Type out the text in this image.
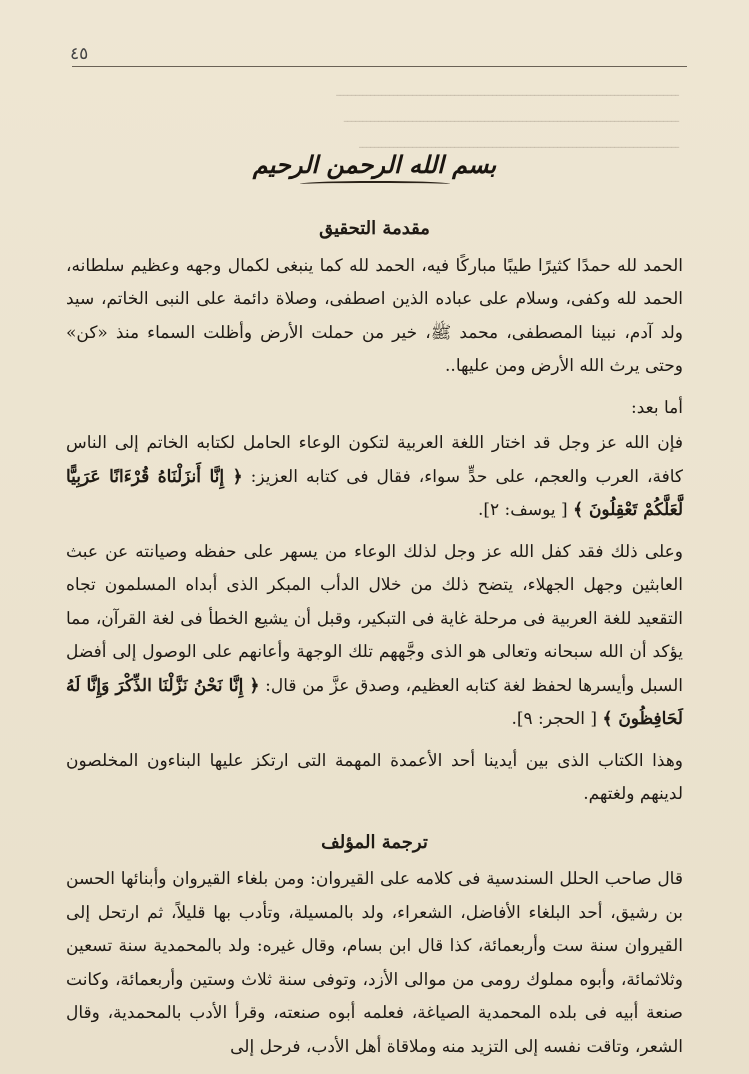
٤٥
ــــــــــــــــــــــــــــــــــــــــــــــــــــــــــــــــــــــــــــــــــــــــــ
ــــــــــــــــــــــــــــــــــــــــــــــــــــــــــــــــــــــــــــــــــــــــ
ــــــــــــــــــــــــــــــــــــــــــــــــــــــــــــــــــــــــــــــــــــ
بسم الله الرحمن الرحيم
مقدمة التحقيق

الحمد لله حمدًا كثيرًا طيبًا مباركًا فيه، الحمد لله كما ينبغى لكمال وجهه وعظيم سلطانه، الحمد لله وكفى، وسلام على عباده الذين اصطفى، وصلاة دائمة على النبى الخاتم، سيد ولد آدم، نبينا المصطفى، محمد ﷺ، خير من حملت الأرض وأظلت السماء منذ «كن» وحتى يرث الله الأرض ومن عليها..

أما بعد:

فإن الله عز وجل قد اختار اللغة العربية لتكون الوعاء الحامل لكتابه الخاتم إلى الناس كافة، العرب والعجم، على حدٍّ سواء، فقال فى كتابه العزيز: ﴿ إِنَّا أَنزَلْنَاهُ قُرْءَانًا عَرَبِيًّا لَّعَلَّكُمْ تَعْقِلُونَ ﴾ [ يوسف: ٢].

وعلى ذلك فقد كفل الله عز وجل لذلك الوعاء من يسهر على حفظه وصيانته عن عبث العابثين وجهل الجهلاء، يتضح ذلك من خلال الدأب المبكر الذى أبداه المسلمون تجاه التقعيد للغة العربية فى مرحلة غاية فى التبكير، وقبل أن يشيع الخطأ فى لغة القرآن، مما يؤكد أن الله سبحانه وتعالى هو الذى وجَّههم تلك الوجهة وأعانهم على الوصول إلى أفضل السبل وأيسرها لحفظ لغة كتابه العظيم، وصدق عزَّ من قال: ﴿ إِنَّا نَحْنُ نَزَّلْنَا الذِّكْرَ وَإِنَّا لَهُ لَحَافِظُونَ ﴾ [ الحجر: ٩].

وهذا الكتاب الذى بين أيدينا أحد الأعمدة المهمة التى ارتكز عليها البناءون المخلصون لدينهم ولغتهم.

ترجمة المؤلف

قال صاحب الحلل السندسية فى كلامه على القيروان: ومن بلغاء القيروان وأبنائها الحسن بن رشيق، أحد البلغاء الأفاضل، الشعراء، ولد بالمسيلة، وتأدب بها قليلاً، ثم ارتحل إلى القيروان سنة ست وأربعمائة، كذا قال ابن بسام، وقال غيره: ولد بالمحمدية سنة تسعين وثلاثمائة، وأبوه مملوك رومى من موالى الأزد، وتوفى سنة ثلاث وستين وأربعمائة، وكانت صنعة أبيه فى بلده المحمدية الصياغة، فعلمه أبوه صنعته، وقرأ الأدب بالمحمدية، وقال الشعر، وتاقت نفسه إلى التزيد منه وملاقاة أهل الأدب، فرحل إلى
